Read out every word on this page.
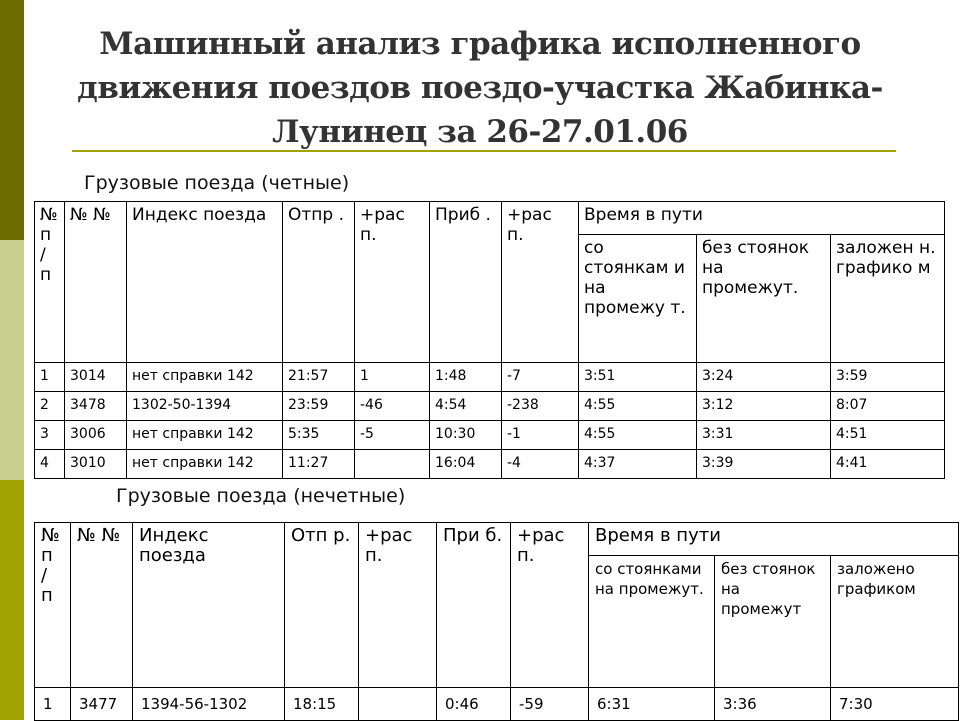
Машинный анализ графика исполненного движения поездов поездо-участка Жабинка-Лунинец за 26-27.01.06
Грузовые поезда (четные)
№ п / п	№ №	Индекс поезда	Отпр .	+рас п.	Приб .	+рас п.	Время в пути		
							со стоянкам и на промежу т.	без стоянок на промежут.	заложен н. графико м
1	3014	нет справки 142	21:57	1	1:48	-7	3:51	3:24	3:59
2	3478	1302-50-1394	23:59	-46	4:54	-238	4:55	3:12	8:07
3	3006	нет справки 142	5:35	-5	10:30	-1	4:55	3:31	4:51
4	3010	нет справки 142	11:27		16:04	-4	4:37	3:39	4:41
Грузовые поезда (нечетные)
№ п / п	№ №	Индекс поезда	Отп р.	+рас п.	При б.	+рас п.	Время в пути		
							со стоянками на промежут.	без стоянок на промежут	заложено графиком
1	3477	1394-56-1302	18:15		0:46	-59	6:31	3:36	7:30
